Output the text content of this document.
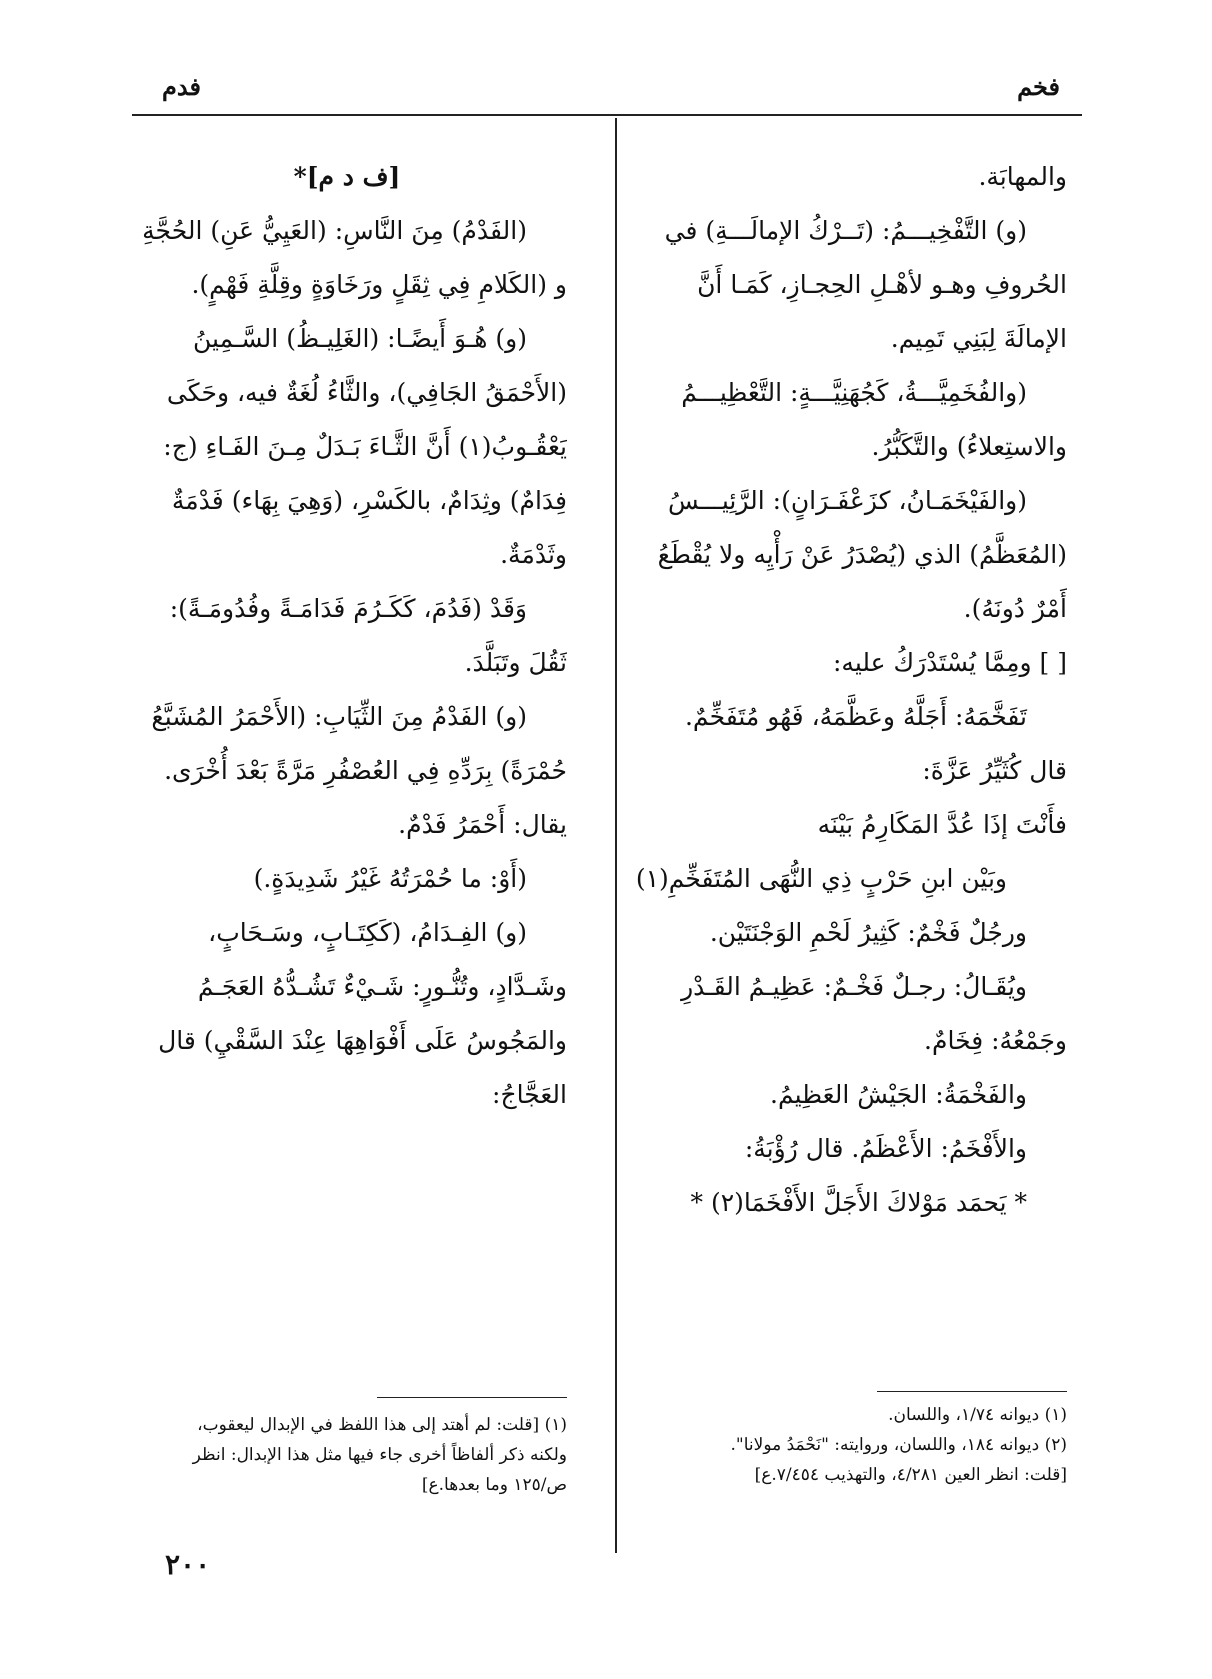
فخم
فدم
والمهابَة.
(و) التَّفْخِيـــمُ: (تَــرْكُ الإمالَـــةِ) في
الحُروفِ وهـو لأهْـلِ الحِجـازِ، كَمَـا أَنَّ
الإمالَةَ لِبَنِي تَمِيم.
(والفُخَمِيَّـــةُ، كَجُهَنِيَّـــةٍ: التَّعْظِيـــمُ
والاستِعلاءُ) والتَّكَبُّرُ.
(والفَيْخَمَـانُ، كزَعْفَـرَانٍ): الرَّئِيـــسُ
(المُعَظَّمُ) الذي (يُصْدَرُ عَنْ رَأْيِه ولا يُقْطَعُ
أَمْرٌ دُونَهُ).
[ ] ومِمَّا يُسْتَدْرَكُ عليه:
تَفَخَّمَهُ: أَجَلَّهُ وعَظَّمَهُ، فَهُو مُتَفَخِّمٌ.
قال كُثَيِّرُ عَزَّةَ:
فأَنْتَ إذَا عُدَّ المَكَارِمُ بَيْنَه
وبَيْن ابنِ حَرْبٍ ذِي النُّهَى المُتَفَخِّمِ(١)
ورجُلٌ فَخْمٌ: كَثِيرُ لَحْمِ الوَجْنَتَيْن.
ويُقَـالُ: رجـلٌ فَخْـمٌ: عَظِيـمُ القَـدْرِ
وجَمْعُهُ: فِخَامٌ.
والفَخْمَةُ: الجَيْشُ العَظِيمُ.
والأَفْخَمُ: الأَعْظَمُ. قال رُؤْبَةُ:
* يَحمَد مَوْلاكَ الأَجَلَّ الأَفْخَمَا(٢) *
[ف د م]*
(الفَدْمُ) مِنَ النَّاسِ: (العَيِيُّ عَنِ) الحُجَّةِ
و (الكَلامِ فِي ثِقَلٍ ورَخَاوَةٍ وقِلَّةِ فَهْمٍ).
(و) هُـوَ أَيضًـا: (الغَلِيـظُ) السَّـمِينُ
(الأَحْمَقُ الجَافِي)، والثَّاءُ لُغَةٌ فيه، وحَكَى
يَعْقُـوبُ(١) أَنَّ الثَّـاءَ بَـدَلٌ مِـنَ الفَـاءِ (ج:
فِدَامٌ) وثِدَامٌ، بالكَسْرِ، (وَهِيَ بِهَاء) فَدْمَةٌ
وثَدْمَةٌ.
وَقَدْ (فَدُمَ، كَكَـرُمَ فَدَامَـةً وفُدُومَـةً):
ثَقُلَ وتَبَلَّدَ.
(و) الفَدْمُ مِنَ الثِّيَابِ: (الأَحْمَرُ المُشَبَّعُ
حُمْرَةً) بِرَدِّهِ فِي العُصْفُرِ مَرَّةً بَعْدَ أُخْرَى.
يقال: أَحْمَرُ فَدْمٌ.
(أَوْ: ما حُمْرَتُهُ غَيْرُ شَدِيدَةٍ.)
(و) الفِـدَامُ، (كَكِتَـابٍ، وسَـحَابٍ،
وشَـدَّادٍ، وتُنُّـورٍ: شَـيْءٌ تَشُـدُّهُ العَجَـمُ
والمَجُوسُ عَلَى أَفْوَاهِهَا عِنْدَ السَّقْيِ) قال
العَجَّاجُ:
(١) ديوانه ١/٧٤، واللسان.
(٢) ديوانه ١٨٤، واللسان، وروايته: "نَحْمَدُ مولانا".
[قلت: انظر العين ٤/٢٨١، والتهذيب ٧/٤٥٤.ع]
(١) [قلت: لم أهتد إلى هذا اللفظ في الإبدال ليعقوب،
ولكنه ذكر ألفاظاً أخرى جاء فيها مثل هذا الإبدال: انظر
ص/١٢٥ وما بعدها.ع]
٢٠٠
